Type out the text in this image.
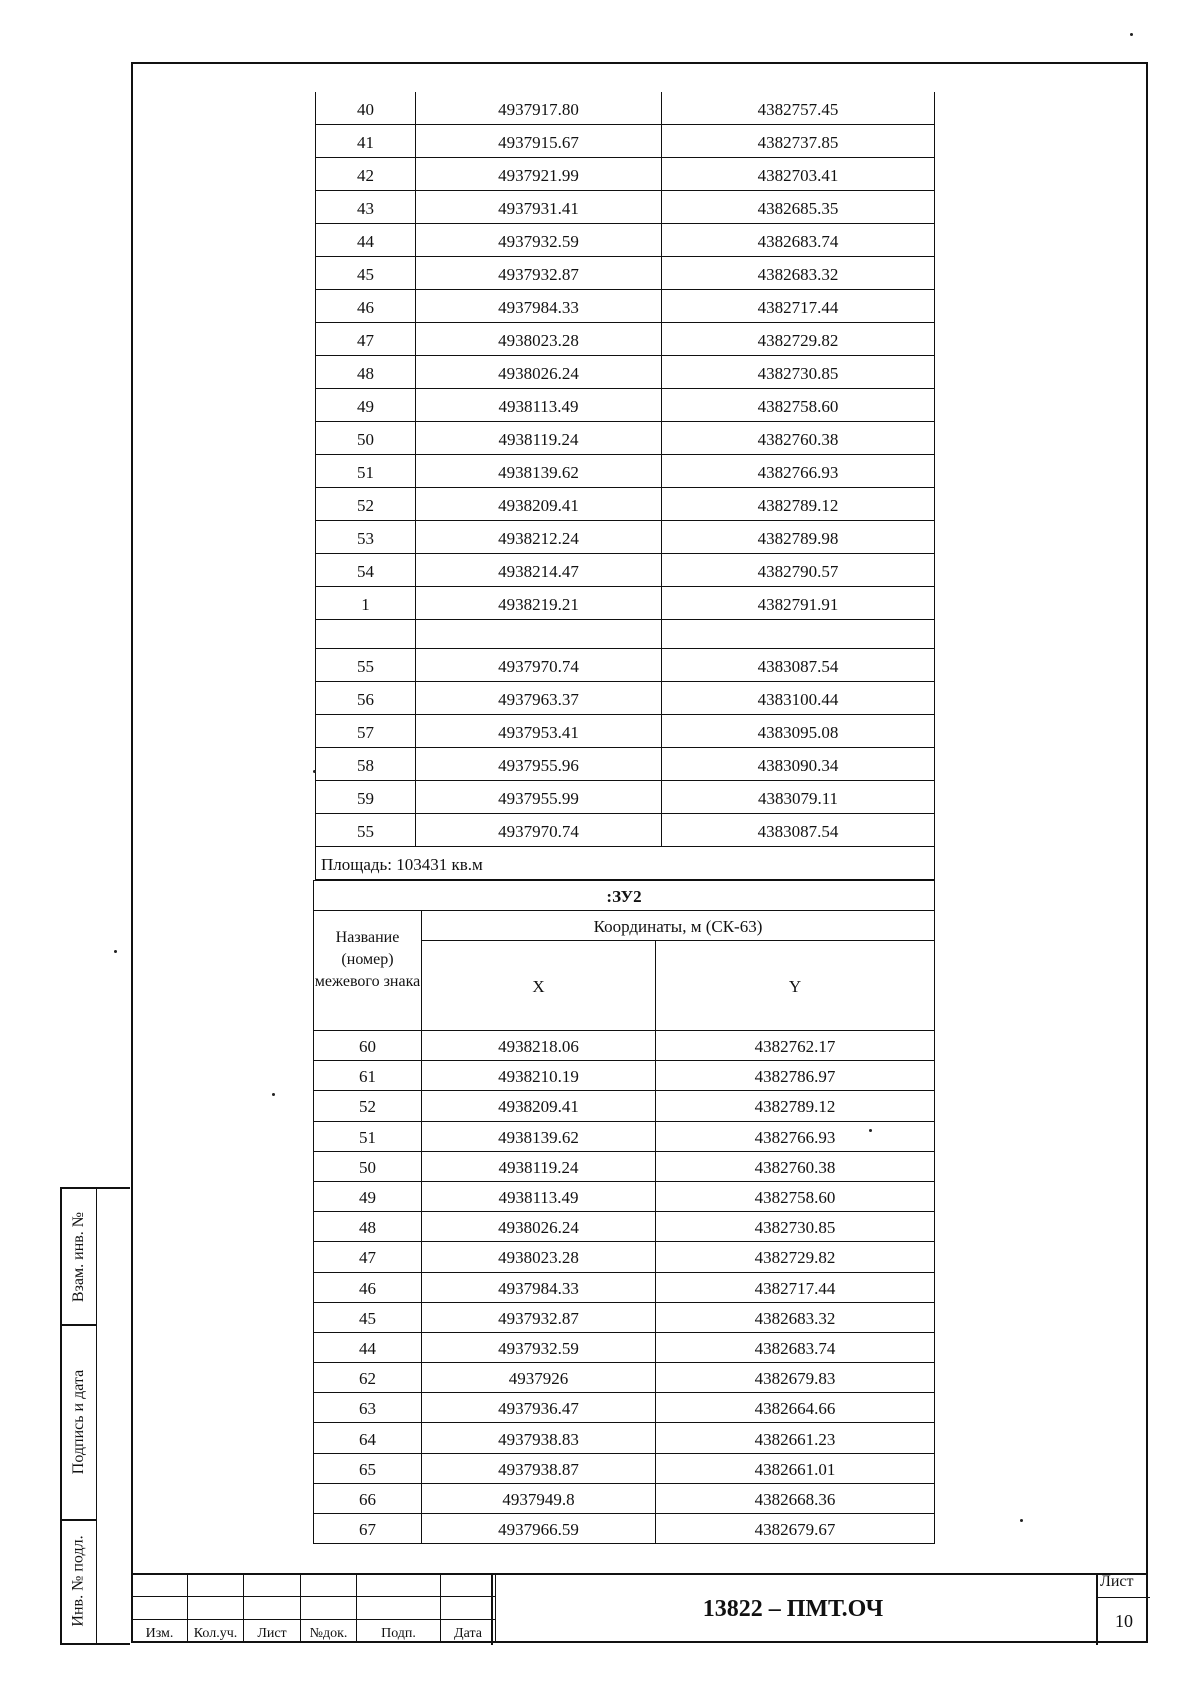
40	4937917.80	4382757.45
41	4937915.67	4382737.85
42	4937921.99	4382703.41
43	4937931.41	4382685.35
44	4937932.59	4382683.74
45	4937932.87	4382683.32
46	4937984.33	4382717.44
47	4938023.28	4382729.82
48	4938026.24	4382730.85
49	4938113.49	4382758.60
50	4938119.24	4382760.38
51	4938139.62	4382766.93
52	4938209.41	4382789.12
53	4938212.24	4382789.98
54	4938214.47	4382790.57
1	4938219.21	4382791.91

55	4937970.74	4383087.54
56	4937963.37	4383100.44
57	4937953.41	4383095.08
58	4937955.96	4383090.34
59	4937955.99	4383079.11
55	4937970.74	4383087.54
Площадь: 103431 кв.м		
:ЗУ2		
Название (номер) межевого знака	Координаты, м (СК-63)	
	X	Y
60	4938218.06	4382762.17
61	4938210.19	4382786.97
52	4938209.41	4382789.12
51	4938139.62	4382766.93
50	4938119.24	4382760.38
49	4938113.49	4382758.60
48	4938026.24	4382730.85
47	4938023.28	4382729.82
46	4937984.33	4382717.44
45	4937932.87	4382683.32
44	4937932.59	4382683.74
62	4937926	4382679.83
63	4937936.47	4382664.66
64	4937938.83	4382661.23
65	4937938.87	4382661.01
66	4937949.8	4382668.36
67	4937966.59	4382679.67
Взам. инв. №
Подпись и дата
Инв. № подл.

Изм.	Кол.уч.	Лист	№док.	Подп.	Дата
13822 – ПМТ.ОЧ
Лист
10
